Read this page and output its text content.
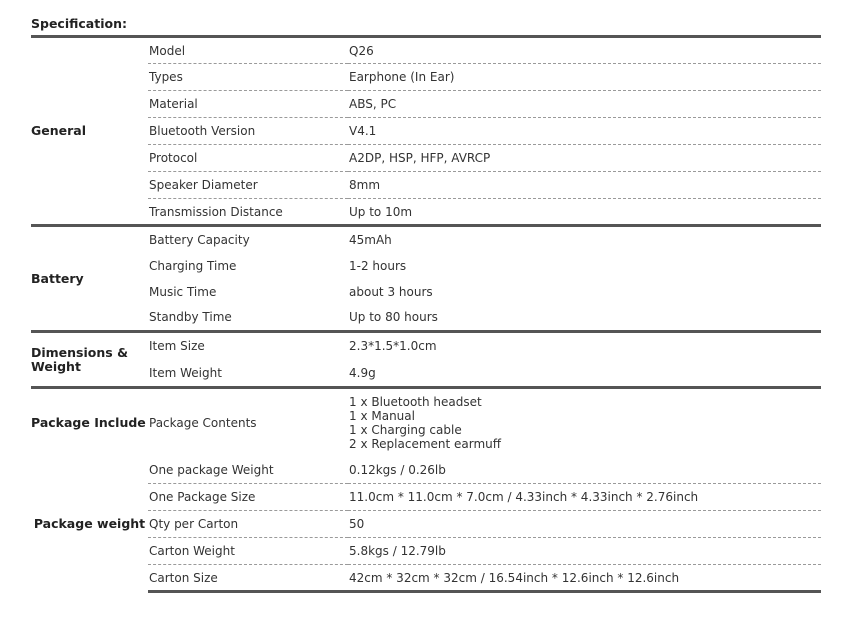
Specification:
General	Model	Q26
	Types	Earphone (In Ear)
	Material	ABS, PC
	Bluetooth Version	V4.1
	Protocol	A2DP, HSP, HFP, AVRCP
	Speaker Diameter	8mm
	Transmission Distance	Up to 10m
Battery	Battery Capacity	45mAh
	Charging Time	1-2 hours
	Music Time	about 3 hours
	Standby Time	Up to 80 hours
Dimensions & Weight	Item Size	2.3*1.5*1.0cm
	Item Weight	4.9g
Package Include	Package Contents	1 x Bluetooth headset
1 x Manual
1 x Charging cable
2 x Replacement earmuff

Package weight	One package Weight	0.12kgs / 0.26lb
	One Package Size	11.0cm * 11.0cm * 7.0cm / 4.33inch * 4.33inch * 2.76inch
	Qty per Carton	50
	Carton Weight	5.8kgs / 12.79lb
	Carton Size	42cm * 32cm * 32cm / 16.54inch * 12.6inch * 12.6inch
